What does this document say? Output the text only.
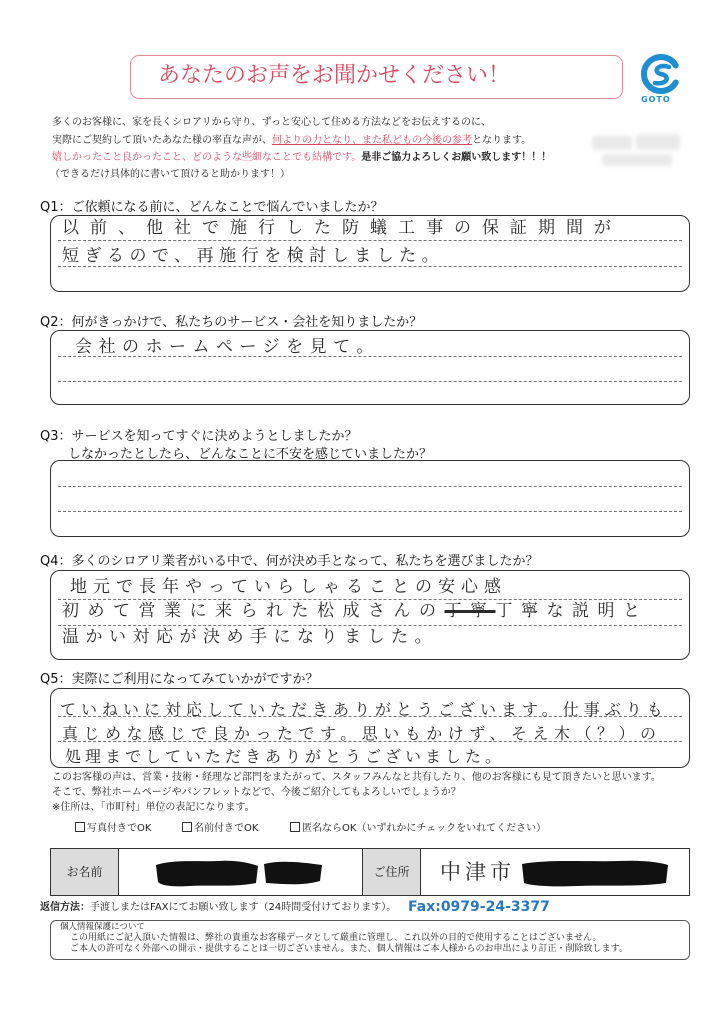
あなたのお声をお聞かせください！
GOTO
多くのお客様に、家を長くシロアリから守り、ずっと安心して住める方法などをお伝えするのに、
実際にご契約して頂いたあなた様の率直な声が、何よりの力となり、また私どもの今後の参考となります。
嬉しかったこと良かったこと、どのような些細なことでも結構です。是非ご協力よろしくお願い致します！！！
（できるだけ具体的に書いて頂けると助かります！）
Q1：ご依頼になる前に、どんなことで悩んでいましたか？
以前、他社で施行した防蟻工事の保証期間が
短ぎるので、再施行を検討しました。
Q2：何がきっかけで、私たちのサービス・会社を知りましたか？
会社のホームページを見て。
Q3：サービスを知ってすぐに決めようとしましたか？
しなかったとしたら、どんなことに不安を感じていましたか？
Q4：多くのシロアリ業者がいる中で、何が決め手となって、私たちを選びましたか？
地元で長年やっていらしゃることの安心感
初めて営業に来られた松成さんの丁寧丁寧な説明と
温かい対応が決め手になりました。
Q5：実際にご利用になってみていかがですか？
ていねいに対応していただきありがとうございます。仕事ぶりも
真じめな感じで良かったです。思いもかけず、そえ木（？）の
処理までしていただきありがとうございました。
このお客様の声は、営業・技術・経理など部門をまたがって、スタッフみんなと共有したり、他のお客様にも見て頂きたいと思います。
そこで、弊社ホームページやパンフレットなどで、今後ご紹介してもよろしいでしょうか？
※住所は、「市町村」単位の表記になります。
写真付きでOK	名前付きでOK	匿名ならOK（いずれかにチェックをいれてください）
お名前	ご住所	中津市
返信方法：手渡しまたはFAXにてお願い致します（24時間受付けております）。 Fax:0979-24-3377
個人情報保護について
この用紙にご記入頂いた情報は、弊社の貴重なお客様データとして厳重に管理し、これ以外の目的で使用することはございません。
ご本人の許可なく外部への開示・提供することは一切ございません。また、個人情報はご本人様からのお申出により訂正・削除致します。
